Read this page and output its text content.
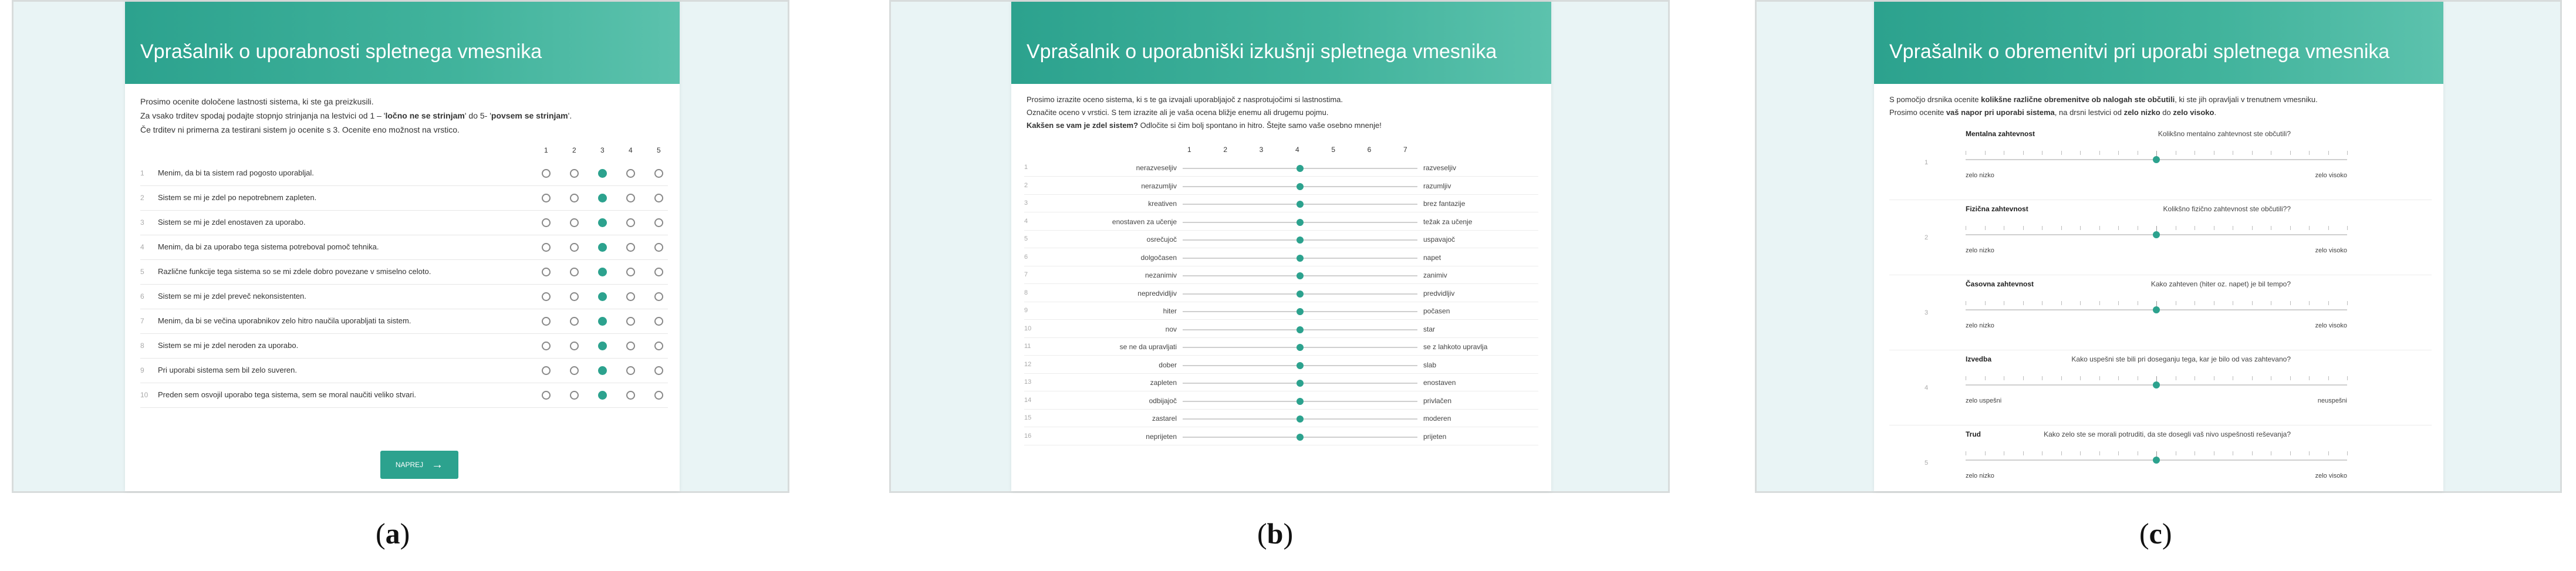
Vprašalnik o uporabnosti spletnega vmesnika
Prosimo ocenite določene lastnosti sistema, ki ste ga preizkusili.
Za vsako trditev spodaj podajte stopnjo strinjanja na lestvici od 1 – 'ločno ne se strinjam' do 5- 'povsem se strinjam'.
Če trditev ni primerna za testirani sistem jo ocenite s 3. Ocenite eno možnost na vrstico.
1	2	3	4	5
1	Menim, da bi ta sistem rad pogosto uporabljal.
2	Sistem se mi je zdel po nepotrebnem zapleten.
3	Sistem se mi je zdel enostaven za uporabo.
4	Menim, da bi za uporabo tega sistema potreboval pomoč tehnika.
5	Različne funkcije tega sistema so se mi zdele dobro povezane v smiselno celoto.
6	Sistem se mi je zdel preveč nekonsistenten.
7	Menim, da bi se večina uporabnikov zelo hitro naučila uporabljati ta sistem.
8	Sistem se mi je zdel neroden za uporabo.
9	Pri uporabi sistema sem bil zelo suveren.
10	Preden sem osvojil uporabo tega sistema, sem se moral naučiti veliko stvari.
NAPREJ →
Vprašalnik o uporabniški izkušnji spletnega vmesnika
Prosimo izrazite oceno sistema, ki s te ga izvajali uporabljajoč z nasprotujočimi si lastnostima.
Označite oceno v vrstici. S tem izrazite ali je vaša ocena bližje enemu ali drugemu pojmu.
Kakšen se vam je zdel sistem? Odločite si čim bolj spontano in hitro. Štejte samo vaše osebno mnenje!
1	2	3	4	5	6	7
1	nerazveseljiv	razveseljiv
2	nerazumljiv	razumljiv
3	kreativen	brez fantazije
4	enostaven za učenje	težak za učenje
5	osrečujoč	uspavajoč
6	dolgočasen	napet
7	nezanimiv	zanimiv
8	nepredvidljiv	predvidljiv
9	hiter	počasen
10	nov	star
11	se ne da upravljati	se z lahkoto upravlja
12	dober	slab
13	zapleten	enostaven
14	odbijajoč	privlačen
15	zastarel	moderen
16	neprijeten	prijeten
Vprašalnik o obremenitvi pri uporabi spletnega vmesnika
S pomočjo drsnika ocenite kolikšne različne obremenitve ob nalogah ste občutili, ki ste jih opravljali v trenutnem vmesniku.
Prosimo ocenite vaš napor pri uporabi sistema, na drsni lestvici od zelo nizko do zelo visoko.
1
Mentalna zahtevnost	Kolikšno mentalno zahtevnost ste občutili?
zelo nizko	zelo visoko
2
Fizična zahtevnost	Kolikšno fizično zahtevnost ste občutili??
zelo nizko	zelo visoko
3
Časovna zahtevnost	Kako zahteven (hiter oz. napet) je bil tempo?
zelo nizko	zelo visoko
4
Izvedba	Kako uspešni ste bili pri doseganju tega, kar je bilo od vas zahtevano?
zelo uspešni	neuspešni
5
Trud	Kako zelo ste se morali potruditi, da ste dosegli vaš nivo uspešnosti reševanja?
zelo nizko	zelo visoko
(a)	(b)	(c)
